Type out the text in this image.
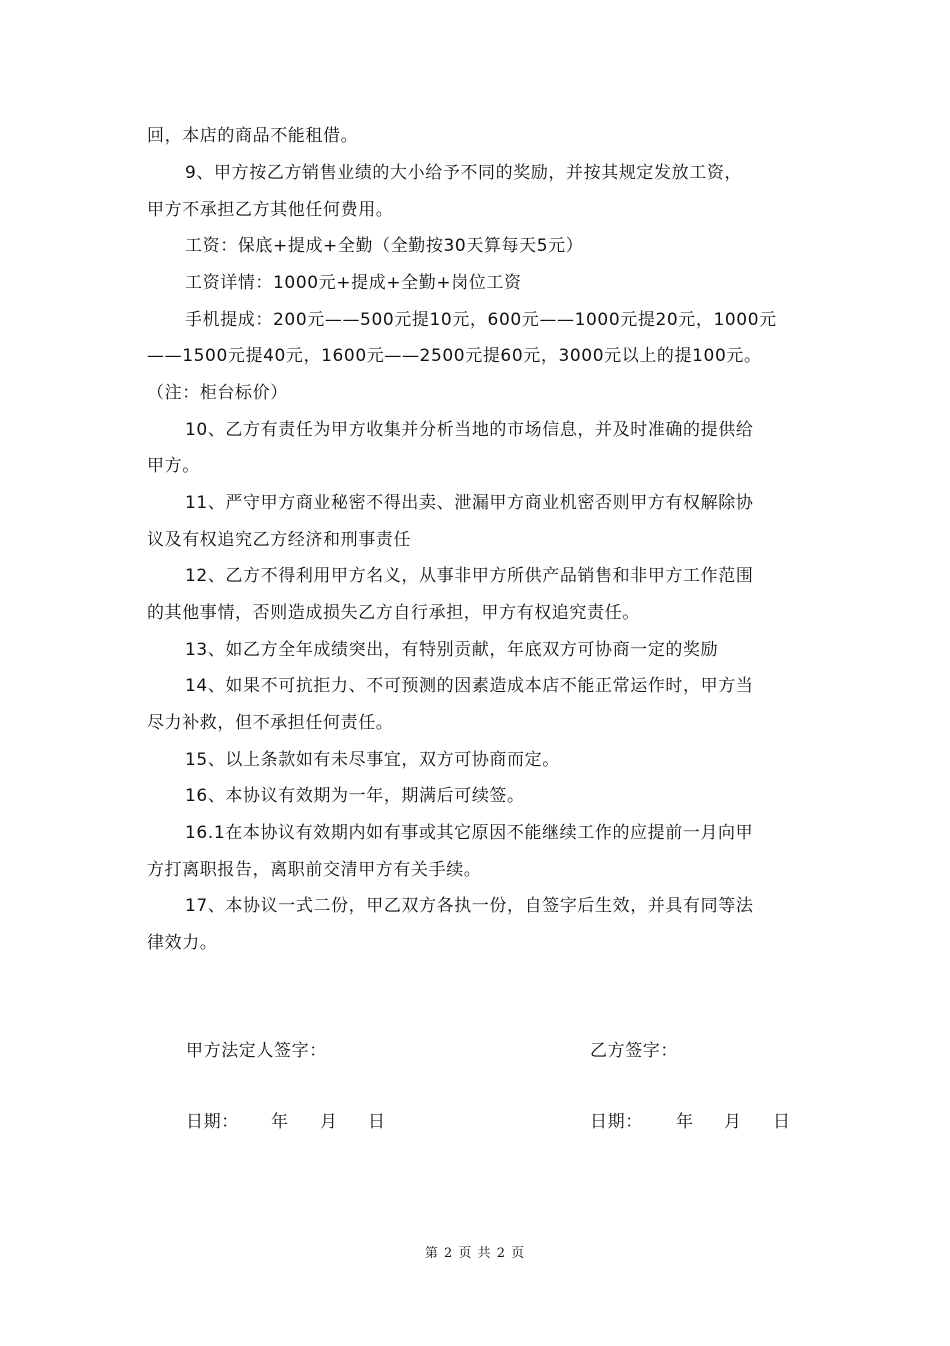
回，本店的商品不能租借。
9、甲方按乙方销售业绩的大小给予不同的奖励，并按其规定发放工资，
甲方不承担乙方其他任何费用。
工资：保底+提成+全勤（全勤按30天算每天5元）
工资详情：1000元+提成+全勤+岗位工资
手机提成：200元——500元提10元，600元——1000元提20元，1000元
——1500元提40元，1600元——2500元提60元，3000元以上的提100元。
（注：柜台标价）
10、乙方有责任为甲方收集并分析当地的市场信息，并及时准确的提供给
甲方。
11、严守甲方商业秘密不得出卖、泄漏甲方商业机密否则甲方有权解除协
议及有权追究乙方经济和刑事责任
12、乙方不得利用甲方名义，从事非甲方所供产品销售和非甲方工作范围
的其他事情，否则造成损失乙方自行承担，甲方有权追究责任。
13、如乙方全年成绩突出，有特别贡献，年底双方可协商一定的奖励
14、如果不可抗拒力、不可预测的因素造成本店不能正常运作时，甲方当
尽力补救，但不承担任何责任。
15、以上条款如有未尽事宜，双方可协商而定。
16、本协议有效期为一年，期满后可续签。
16.1在本协议有效期内如有事或其它原因不能继续工作的应提前一月向甲
方打离职报告，离职前交清甲方有关手续。
17、本协议一式二份，甲乙双方各执一份，自签字后生效，并具有同等法
律效力。
甲方法定人签字：	乙方签字：
日期： 年 月 日	日期： 年 月 日
第 2 页 共 2 页
